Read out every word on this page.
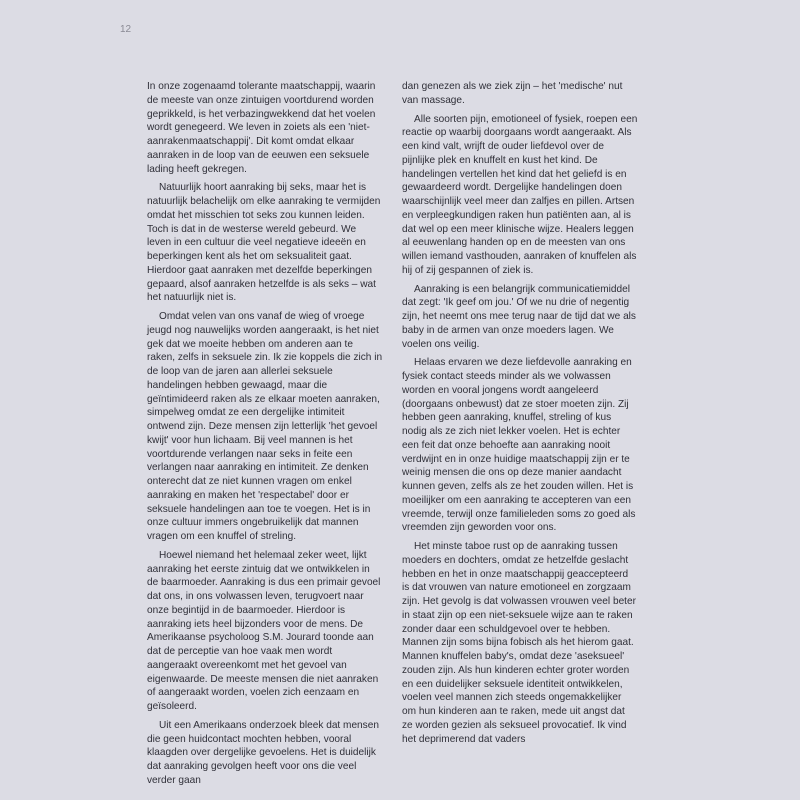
12

In onze zogenaamd tolerante maatschappij, waarin de meeste van onze zintuigen voortdurend worden geprikkeld, is het verbazingwekkend dat het voelen wordt genegeerd. We leven in zoiets als een 'niet-aanrakenmaatschappij'. Dit komt omdat elkaar aanraken in de loop van de eeuwen een seksuele lading heeft gekregen.

Natuurlijk hoort aanraking bij seks, maar het is natuurlijk belachelijk om elke aanraking te vermijden omdat het misschien tot seks zou kunnen leiden. Toch is dat in de westerse wereld gebeurd. We leven in een cultuur die veel negatieve ideeën en beperkingen kent als het om seksualiteit gaat. Hierdoor gaat aanraken met dezelfde beperkingen gepaard, alsof aanraken hetzelfde is als seks – wat het natuurlijk niet is.

Omdat velen van ons vanaf de wieg of vroege jeugd nog nauwelijks worden aangeraakt, is het niet gek dat we moeite hebben om anderen aan te raken, zelfs in seksuele zin. Ik zie koppels die zich in de loop van de jaren aan allerlei seksuele handelingen hebben gewaagd, maar die geïntimideerd raken als ze elkaar moeten aanraken, simpelweg omdat ze een dergelijke intimiteit ontwend zijn. Deze mensen zijn letterlijk 'het gevoel kwijt' voor hun lichaam. Bij veel mannen is het voortdurende verlangen naar seks in feite een verlangen naar aanraking en intimiteit. Ze denken onterecht dat ze niet kunnen vragen om enkel aanraking en maken het 'respectabel' door er seksuele handelingen aan toe te voegen. Het is in onze cultuur immers ongebruikelijk dat mannen vragen om een knuffel of streling.

Hoewel niemand het helemaal zeker weet, lijkt aanraking het eerste zintuig dat we ontwikkelen in de baarmoeder. Aanraking is dus een primair gevoel dat ons, in ons volwassen leven, terugvoert naar onze begintijd in de baarmoeder. Hierdoor is aanraking iets heel bijzonders voor de mens. De Amerikaanse psycholoog S.M. Jourard toonde aan dat de perceptie van hoe vaak men wordt aangeraakt overeenkomt met het gevoel van eigenwaarde. De meeste mensen die niet aanraken of aangeraakt worden, voelen zich eenzaam en geïsoleerd.

Uit een Amerikaans onderzoek bleek dat mensen die geen huidcontact mochten hebben, vooral klaagden over dergelijke gevoelens. Het is duidelijk dat aanraking gevolgen heeft voor ons die veel verder gaan

dan genezen als we ziek zijn – het 'medische' nut van massage.

Alle soorten pijn, emotioneel of fysiek, roepen een reactie op waarbij doorgaans wordt aangeraakt. Als een kind valt, wrijft de ouder liefdevol over de pijnlijke plek en knuffelt en kust het kind. De handelingen vertellen het kind dat het geliefd is en gewaardeerd wordt. Dergelijke handelingen doen waarschijnlijk veel meer dan zalfjes en pillen. Artsen en verpleegkundigen raken hun patiënten aan, al is dat wel op een meer klinische wijze. Healers leggen al eeuwenlang handen op en de meesten van ons willen iemand vasthouden, aanraken of knuffelen als hij of zij gespannen of ziek is.

Aanraking is een belangrijk communicatiemiddel dat zegt: 'Ik geef om jou.' Of we nu drie of negentig zijn, het neemt ons mee terug naar de tijd dat we als baby in de armen van onze moeders lagen. We voelen ons veilig.

Helaas ervaren we deze liefdevolle aanraking en fysiek contact steeds minder als we volwassen worden en vooral jongens wordt aangeleerd (doorgaans onbewust) dat ze stoer moeten zijn. Zij hebben geen aanraking, knuffel, streling of kus nodig als ze zich niet lekker voelen. Het is echter een feit dat onze behoefte aan aanraking nooit verdwijnt en in onze huidige maatschappij zijn er te weinig mensen die ons op deze manier aandacht kunnen geven, zelfs als ze het zouden willen. Het is moeilijker om een aanraking te accepteren van een vreemde, terwijl onze familieleden soms zo goed als vreemden zijn geworden voor ons.

Het minste taboe rust op de aanraking tussen moeders en dochters, omdat ze hetzelfde geslacht hebben en het in onze maatschappij geaccepteerd is dat vrouwen van nature emotioneel en zorgzaam zijn. Het gevolg is dat volwassen vrouwen veel beter in staat zijn op een niet-seksuele wijze aan te raken zonder daar een schuldgevoel over te hebben. Mannen zijn soms bijna fobisch als het hierom gaat. Mannen knuffelen baby's, omdat deze 'aseksueel' zouden zijn. Als hun kinderen echter groter worden en een duidelijker seksuele identiteit ontwikkelen, voelen veel mannen zich steeds ongemakkelijker om hun kinderen aan te raken, mede uit angst dat ze worden gezien als seksueel provocatief. Ik vind het deprimerend dat vaders
